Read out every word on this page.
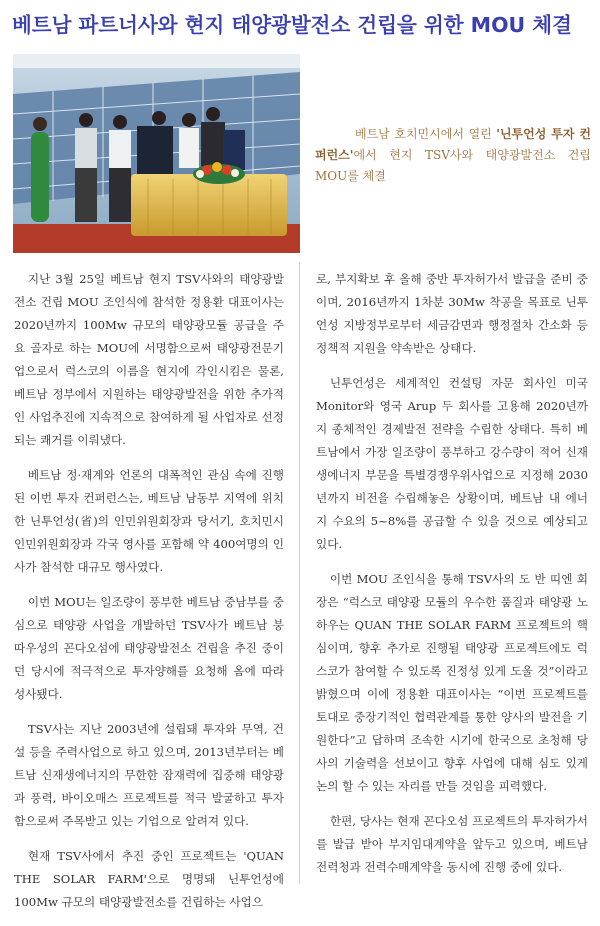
베트남 파트너사와 현지 태양광발전소 건립을 위한 MOU 체결
베트남 호치민시에서 열린 '닌투언성 투자 컨퍼런스'에서 현지 TSV사와 태양광발전소 건립 MOU를 체결

지난 3월 25일 베트남 현지 TSV사와의 태양광발전소 건립 MOU 조인식에 참석한 정용환 대표이사는 2020년까지 100Mw 규모의 태양광모듈 공급을 주요 골자로 하는 MOU에 서명함으로써 태양광전문기업으로서 럭스코의 이름을 현지에 각인시킴은 물론, 베트남 정부에서 지원하는 태양광발전을 위한 추가적인 사업추진에 지속적으로 참여하게 될 사업자로 선정되는 쾌거를 이뤄냈다.

베트남 정·재계와 언론의 대폭적인 관심 속에 진행된 이번 투자 컨퍼런스는, 베트남 남동부 지역에 위치한 닌투언성(省)의 인민위원회장과 당서기, 호치민시 인민위원회장과 각국 영사를 포함해 약 400여명의 인사가 참석한 대규모 행사였다.

이번 MOU는 일조량이 풍부한 베트남 중남부를 중심으로 태양광 사업을 개발하던 TSV사가 베트남 붕따우성의 꼰다오섬에 태양광발전소 건립을 추진 중이던 당시에 적극적으로 투자양해를 요청해 옴에 따라 성사됐다.

TSV사는 지난 2003년에 설립돼 투자와 무역, 건설 등을 주력사업으로 하고 있으며, 2013년부터는 베트남 신재생에너지의 무한한 잠재력에 집중해 태양광과 풍력, 바이오매스 프로젝트를 적극 발굴하고 투자함으로써 주목받고 있는 기업으로 알려져 있다.

현재 TSV사에서 추진 중인 프로젝트는 'QUAN THE SOLAR FARM'으로 명명돼 닌투언성에 100Mw 규모의 태양광발전소를 건립하는 사업으

로, 부지확보 후 올해 중반 투자허가서 발급을 준비 중이며, 2016년까지 1차분 30Mw 착공을 목표로 닌투언성 지방정부로부터 세금감면과 행정절차 간소화 등 정책적 지원을 약속받은 상태다.

닌투언성은 세계적인 컨설팅 자문 회사인 미국 Monitor와 영국 Arup 두 회사를 고용해 2020년까지 종체적인 경제발전 전략을 수립한 상태다. 특히 베트남에서 가장 일조량이 풍부하고 강수량이 적어 신재생에너지 부문을 특별경쟁우위사업으로 지정해 2030년까지 비전을 수립해놓은 상황이며, 베트남 내 에너지 수요의 5~8%를 공급할 수 있을 것으로 예상되고 있다.

이번 MOU 조인식을 통해 TSV사의 도 반 띠엔 회장은 “럭스코 태양광 모듈의 우수한 품질과 태양광 노하우는 QUAN THE SOLAR FARM 프로젝트의 핵심이며, 향후 추가로 진행될 태양광 프로젝트에도 럭스코가 참여할 수 있도록 진정성 있게 도울 것”이라고 밝혔으며 이에 정용환 대표이사는 “이번 프로젝트를 토대로 중장기적인 협력관계를 통한 양사의 발전을 기원한다”고 답하며 조속한 시기에 한국으로 초청해 당사의 기술력을 선보이고 향후 사업에 대해 심도 있게 논의 할 수 있는 자리를 만들 것임을 피력했다.

한편, 당사는 현재 꼰다오섬 프로젝트의 투자허가서를 발급 받아 부지임대계약을 앞두고 있으며, 베트남 전력청과 전력수매계약을 동시에 진행 중에 있다.
